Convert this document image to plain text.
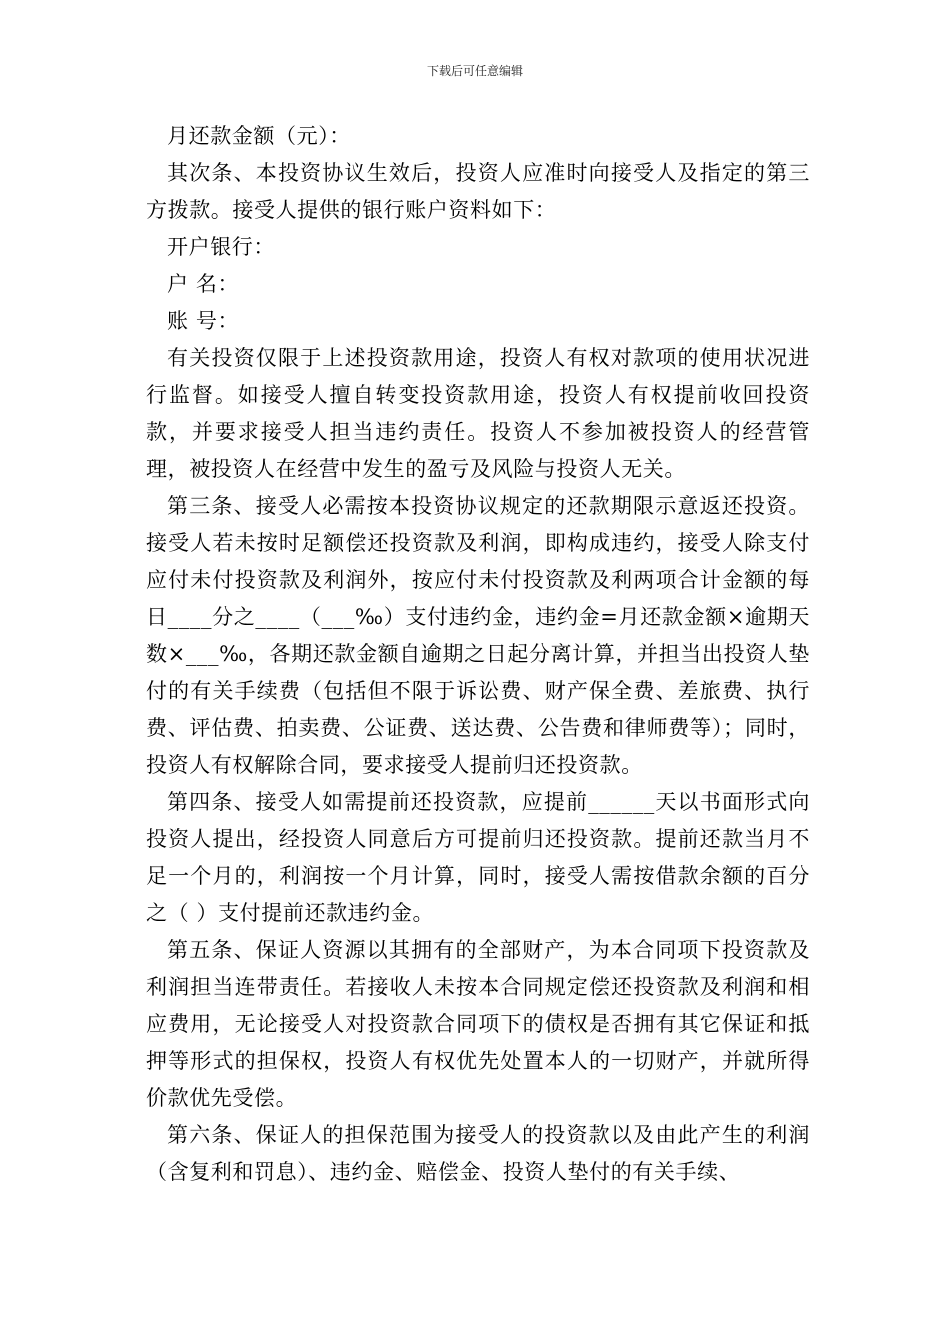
下载后可任意编辑

月还款金额（元）：

其次条、本投资协议生效后，投资人应准时向接受人及指定的第三方拨款。接受人提供的银行账户资料如下：

开户银行：

户 名：

账 号：

有关投资仅限于上述投资款用途，投资人有权对款项的使用状况进行监督。如接受人擅自转变投资款用途，投资人有权提前收回投资款，并要求接受人担当违约责任。投资人不参加被投资人的经营管理，被投资人在经营中发生的盈亏及风险与投资人无关。

第三条、接受人必需按本投资协议规定的还款期限示意返还投资。接受人若未按时足额偿还投资款及利润，即构成违约，接受人除支付应付未付投资款及利润外，按应付未付投资款及利两项合计金额的每日____分之____（___‰）支付违约金，违约金=月还款金额×逾期天数×___‰，各期还款金额自逾期之日起分离计算，并担当出投资人垫付的有关手续费（包括但不限于诉讼费、财产保全费、差旅费、执行费、评估费、拍卖费、公证费、送达费、公告费和律师费等）；同时，投资人有权解除合同，要求接受人提前归还投资款。

第四条、接受人如需提前还投资款，应提前______天以书面形式向投资人提出，经投资人同意后方可提前归还投资款。提前还款当月不足一个月的，利润按一个月计算，同时，接受人需按借款余额的百分之（ ）支付提前还款违约金。

第五条、保证人资源以其拥有的全部财产，为本合同项下投资款及利润担当连带责任。若接收人未按本合同规定偿还投资款及利润和相应费用，无论接受人对投资款合同项下的债权是否拥有其它保证和抵押等形式的担保权，投资人有权优先处置本人的一切财产，并就所得价款优先受偿。

第六条、保证人的担保范围为接受人的投资款以及由此产生的利润（含复利和罚息）、违约金、赔偿金、投资人垫付的有关手续、
